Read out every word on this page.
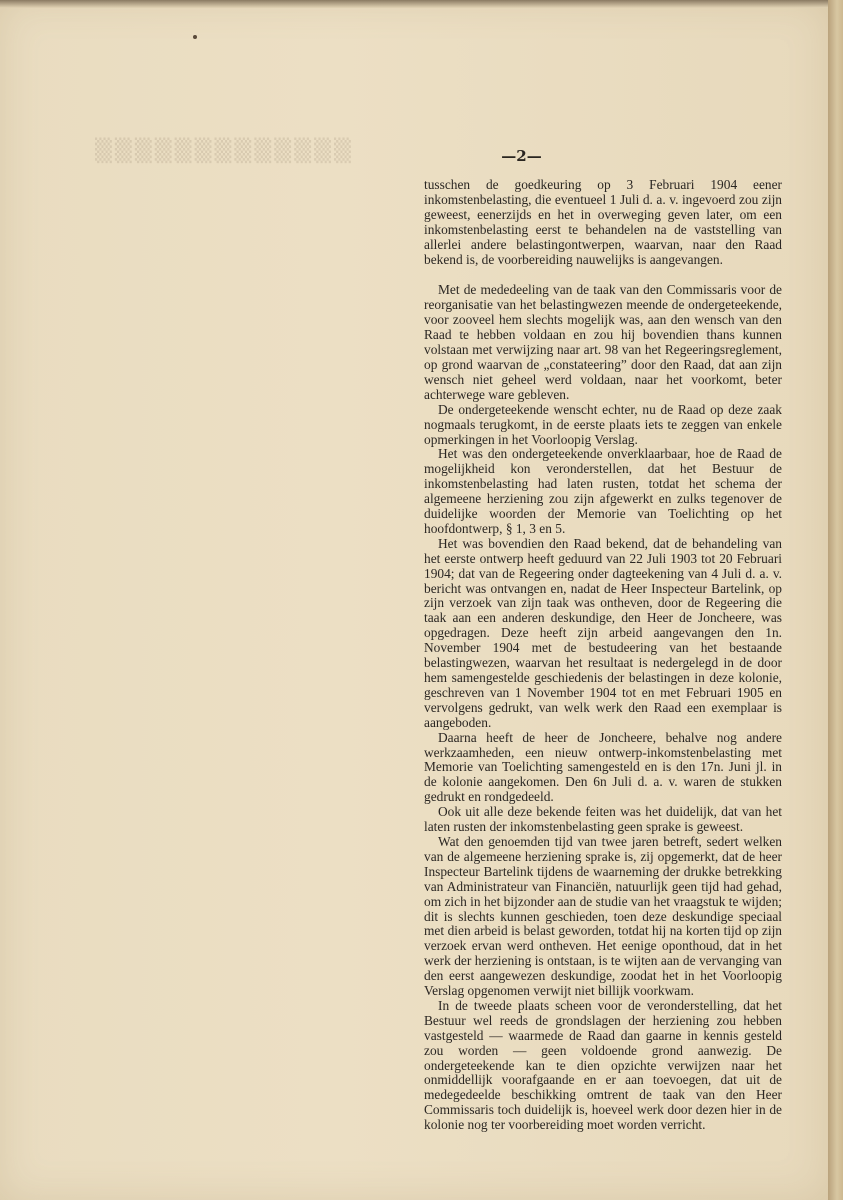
▒▒▒▒▒▒▒▒▒▒▒▒▒	—2—

tusschen de goedkeuring op 3 Februari 1904 eener inkomstenbelasting, die eventueel 1 Juli d. a. v. ingevoerd zou zijn geweest, eenerzijds en het in overweging geven later, om een inkomstenbelasting eerst te behandelen na de vaststelling van allerlei andere belastingontwerpen, waarvan, naar den Raad bekend is, de voorbereiding nauwelijks is aangevangen.

Met de mededeeling van de taak van den Commissaris voor de reorganisatie van het belastingwezen meende de ondergeteekende, voor zooveel hem slechts mogelijk was, aan den wensch van den Raad te hebben voldaan en zou hij bovendien thans kunnen volstaan met verwijzing naar art. 98 van het Regeeringsreglement, op grond waarvan de „constateering” door den Raad, dat aan zijn wensch niet geheel werd voldaan, naar het voorkomt, beter achterwege ware gebleven.

De ondergeteekende wenscht echter, nu de Raad op deze zaak nogmaals terugkomt, in de eerste plaats iets te zeggen van enkele opmerkingen in het Voorloopig Verslag.

Het was den ondergeteekende onverklaarbaar, hoe de Raad de mogelijkheid kon veronderstellen, dat het Bestuur de inkomstenbelasting had laten rusten, totdat het schema der algemeene herziening zou zijn afgewerkt en zulks tegenover de duidelijke woorden der Memorie van Toelichting op het hoofdontwerp, § 1, 3 en 5.

Het was bovendien den Raad bekend, dat de behandeling van het eerste ontwerp heeft geduurd van 22 Juli 1903 tot 20 Februari 1904; dat van de Regeering onder dagteekening van 4 Juli d. a. v. bericht was ontvangen en, nadat de Heer Inspecteur Bartelink, op zijn verzoek van zijn taak was ontheven, door de Regeering die taak aan een anderen deskundige, den Heer de Joncheere, was opgedragen. Deze heeft zijn arbeid aangevangen den 1n. November 1904 met de bestudeering van het bestaande belastingwezen, waarvan het resultaat is nedergelegd in de door hem samengestelde geschiedenis der belastingen in deze kolonie, geschreven van 1 November 1904 tot en met Februari 1905 en vervolgens gedrukt, van welk werk den Raad een exemplaar is aangeboden.

Daarna heeft de heer de Joncheere, behalve nog andere werkzaamheden, een nieuw ontwerp-inkomstenbelasting met Memorie van Toelichting samengesteld en is den 17n. Juni jl. in de kolonie aangekomen. Den 6n Juli d. a. v. waren de stukken gedrukt en rondgedeeld.

Ook uit alle deze bekende feiten was het duidelijk, dat van het laten rusten der inkomstenbelasting geen sprake is geweest.

Wat den genoemden tijd van twee jaren betreft, sedert welken van de algemeene herziening sprake is, zij opgemerkt, dat de heer Inspecteur Bartelink tijdens de waarneming der drukke betrekking van Administrateur van Financiën, natuurlijk geen tijd had gehad, om zich in het bijzonder aan de studie van het vraagstuk te wijden; dit is slechts kunnen geschieden, toen deze deskundige speciaal met dien arbeid is belast geworden, totdat hij na korten tijd op zijn verzoek ervan werd ontheven. Het eenige oponthoud, dat in het werk der herziening is ontstaan, is te wijten aan de vervanging van den eerst aangewezen deskundige, zoodat het in het Voorloopig Verslag opgenomen verwijt niet billijk voorkwam.

In de tweede plaats scheen voor de veronderstelling, dat het Bestuur wel reeds de grondslagen der herziening zou hebben vastgesteld — waarmede de Raad dan gaarne in kennis gesteld zou worden — geen voldoende grond aanwezig. De ondergeteekende kan te dien opzichte verwijzen naar het onmiddellijk voorafgaande en er aan toevoegen, dat uit de medegedeelde beschikking omtrent de taak van den Heer Commissaris toch duidelijk is, hoeveel werk door dezen hier in de kolonie nog ter voorbereiding moet worden verricht.
